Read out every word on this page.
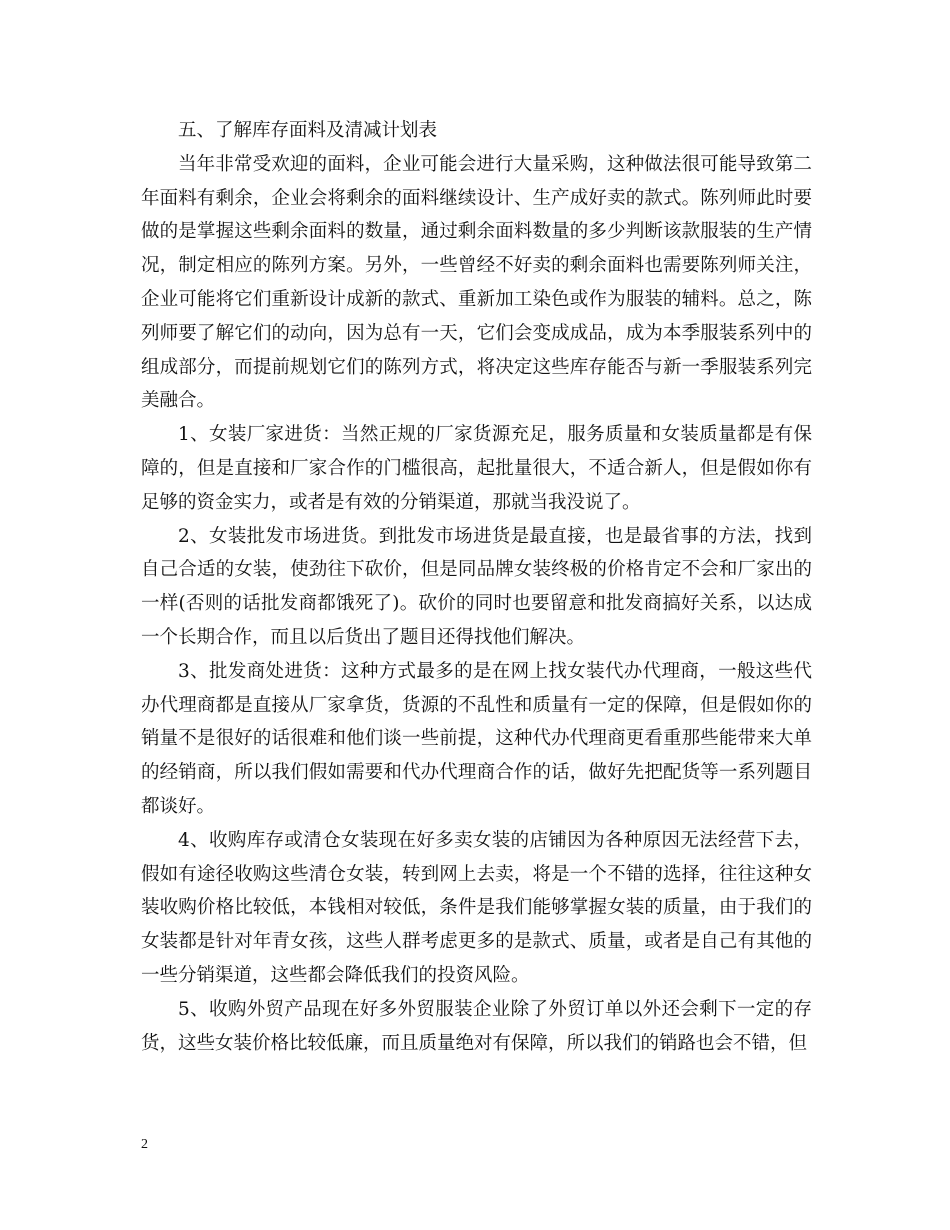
五、了解库存面料及清减计划表

当年非常受欢迎的面料，企业可能会进行大量采购，这种做法很可能导致第二年面料有剩余，企业会将剩余的面料继续设计、生产成好卖的款式。陈列师此时要做的是掌握这些剩余面料的数量，通过剩余面料数量的多少判断该款服装的生产情况，制定相应的陈列方案。另外，一些曾经不好卖的剩余面料也需要陈列师关注，企业可能将它们重新设计成新的款式、重新加工染色或作为服装的辅料。总之，陈列师要了解它们的动向，因为总有一天，它们会变成成品，成为本季服装系列中的组成部分，而提前规划它们的陈列方式，将决定这些库存能否与新一季服装系列完美融合。

1、女装厂家进货：当然正规的厂家货源充足，服务质量和女装质量都是有保障的，但是直接和厂家合作的门槛很高，起批量很大，不适合新人，但是假如你有足够的资金实力，或者是有效的分销渠道，那就当我没说了。

2、女装批发市场进货。到批发市场进货是最直接，也是最省事的方法，找到自己合适的女装，使劲往下砍价，但是同品牌女装终极的价格肯定不会和厂家出的一样(否则的话批发商都饿死了)。砍价的同时也要留意和批发商搞好关系，以达成一个长期合作，而且以后货出了题目还得找他们解决。

3、批发商处进货：这种方式最多的是在网上找女装代办代理商，一般这些代办代理商都是直接从厂家拿货，货源的不乱性和质量有一定的保障，但是假如你的销量不是很好的话很难和他们谈一些前提，这种代办代理商更看重那些能带来大单的经销商，所以我们假如需要和代办代理商合作的话，做好先把配货等一系列题目都谈好。

4、收购库存或清仓女装现在好多卖女装的店铺因为各种原因无法经营下去，假如有途径收购这些清仓女装，转到网上去卖，将是一个不错的选择，往往这种女装收购价格比较低，本钱相对较低，条件是我们能够掌握女装的质量，由于我们的女装都是针对年青女孩，这些人群考虑更多的是款式、质量，或者是自己有其他的一些分销渠道，这些都会降低我们的投资风险。

5、收购外贸产品现在好多外贸服装企业除了外贸订单以外还会剩下一定的存货，这些女装价格比较低廉，而且质量绝对有保障，所以我们的销路也会不错，但

2
